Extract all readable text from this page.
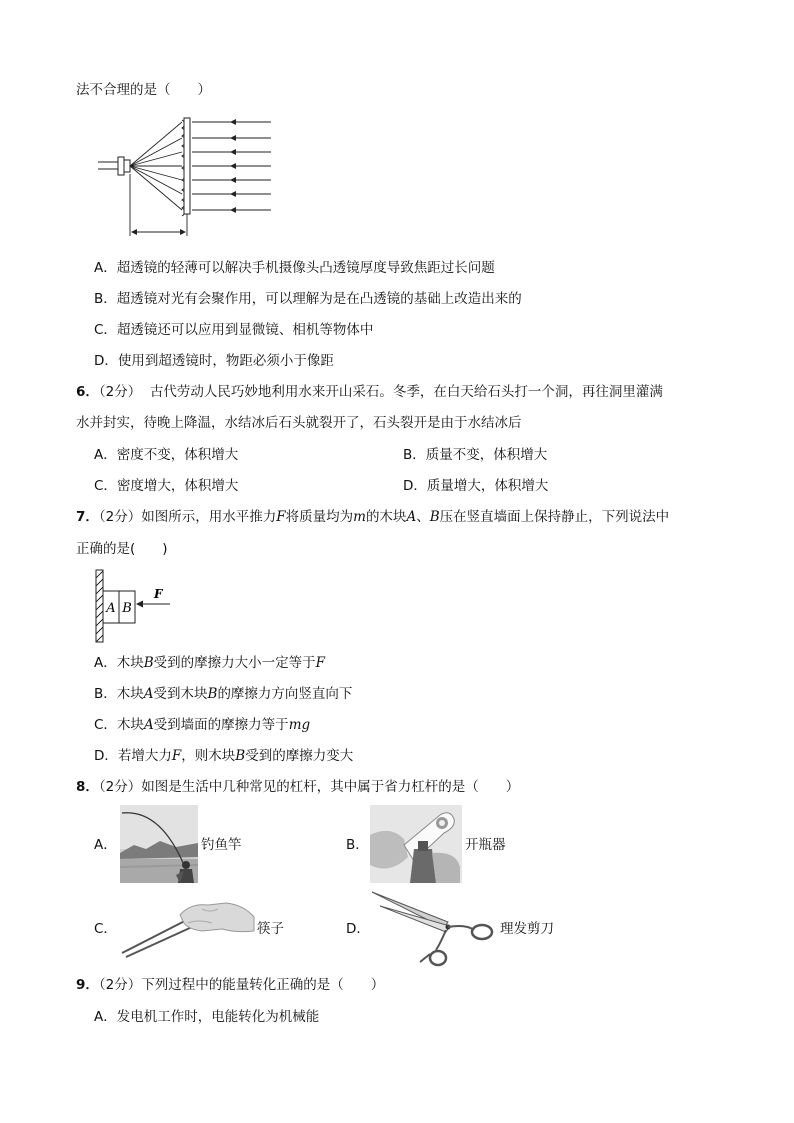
法不合理的是（　　）
A．超透镜的轻薄可以解决手机摄像头凸透镜厚度导致焦距过长问题
B．超透镜对光有会聚作用，可以理解为是在凸透镜的基础上改造出来的
C．超透镜还可以应用到显微镜、相机等物体中
D．使用到超透镜时，物距必须小于像距
6．（2分） 古代劳动人民巧妙地利用水来开山采石。冬季，在白天给石头打一个洞，再往洞里灌满
水并封实，待晚上降温，水结冰后石头就裂开了，石头裂开是由于水结冰后
A．密度不变，体积增大	B．质量不变，体积增大
C．密度增大，体积增大	D．质量增大，体积增大
7．（2分）如图所示，用水平推力F将质量均为m的木块A、B压在竖直墙面上保持静止，下列说法中
正确的是(　　)
A B
F
A．木块B受到的摩擦力大小一定等于F
B．木块A受到木块B的摩擦力方向竖直向下
C．木块A受到墙面的摩擦力等于mg
D．若增大力F，则木块B受到的摩擦力变大
8．（2分）如图是生活中几种常见的杠杆，其中属于省力杠杆的是（　　）
A．	钓鱼竿	B．	开瓶器
C．	筷子	D．	理发剪刀
9．（2分）下列过程中的能量转化正确的是（　　）
A．发电机工作时，电能转化为机械能
